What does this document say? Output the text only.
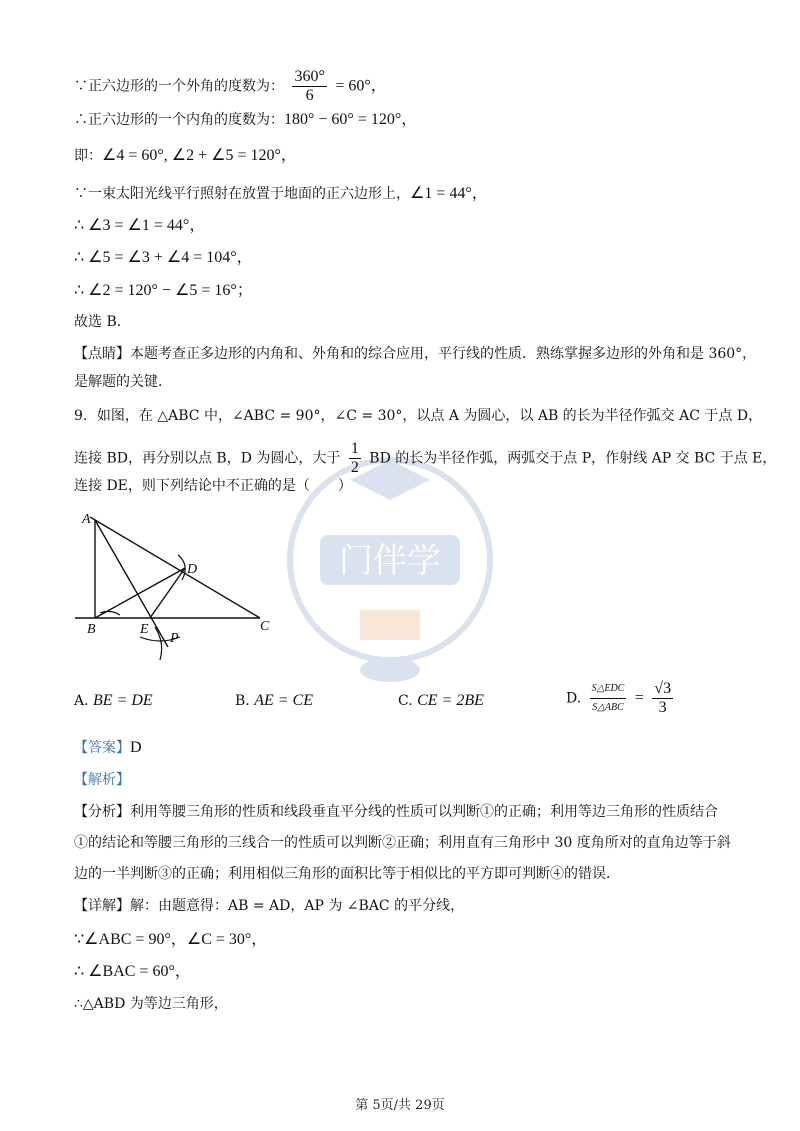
门伴学
∵正六边形的一个外角的度数为： $\frac{360^\circ}{6} = 60^\circ$，
∴正六边形的一个内角的度数为：180° − 60° = 120°，
即：∠4 = 60°, ∠2 + ∠5 = 120°，
∵一束太阳光线平行照射在放置于地面的正六边形上，∠1 = 44°，
∴ ∠3 = ∠1 = 44°，
∴ ∠5 = ∠3 + ∠4 = 104°，
∴ ∠2 = 120° − ∠5 = 16°；
故选 B．
【点睛】本题考查正多边形的内角和、外角和的综合应用，平行线的性质．熟练掌握多边形的外角和是 360°，
是解题的关键．
9．如图，在 △ABC 中，∠ABC = 90°，∠C = 30°，以点 A 为圆心，以 AB 的长为半径作弧交 AC 于点 D，
连接 BD，再分别以点 B，D 为圆心，大于 $\frac{1}{2}$ BD 的长为半径作弧，两弧交于点 P，作射线 AP 交 BC 于点 E，
连接 DE，则下列结论中不正确的是（　　）
A
B	C
D
E
P
A. BE = DE	B. AE = CE	C. CE = 2BE	D. $\frac{\text{S△EDC}}{\text{S△ABC}} = \frac{√3}{3}$
【答案】D
【解析】
【分析】利用等腰三角形的性质和线段垂直平分线的性质可以判断①的正确；利用等边三角形的性质结合
①的结论和等腰三角形的三线合一的性质可以判断②正确；利用直有三角形中 30 度角所对的直角边等于斜
边的一半判断③的正确；利用相似三角形的面积比等于相似比的平方即可判断④的错误．
【详解】解：由题意得：AB = AD，AP 为 ∠BAC 的平分线，
∵∠ABC = 90°，∠C = 30°，
∴ ∠BAC = 60°，
∴△ABD 为等边三角形，
第 5页/共 29页
